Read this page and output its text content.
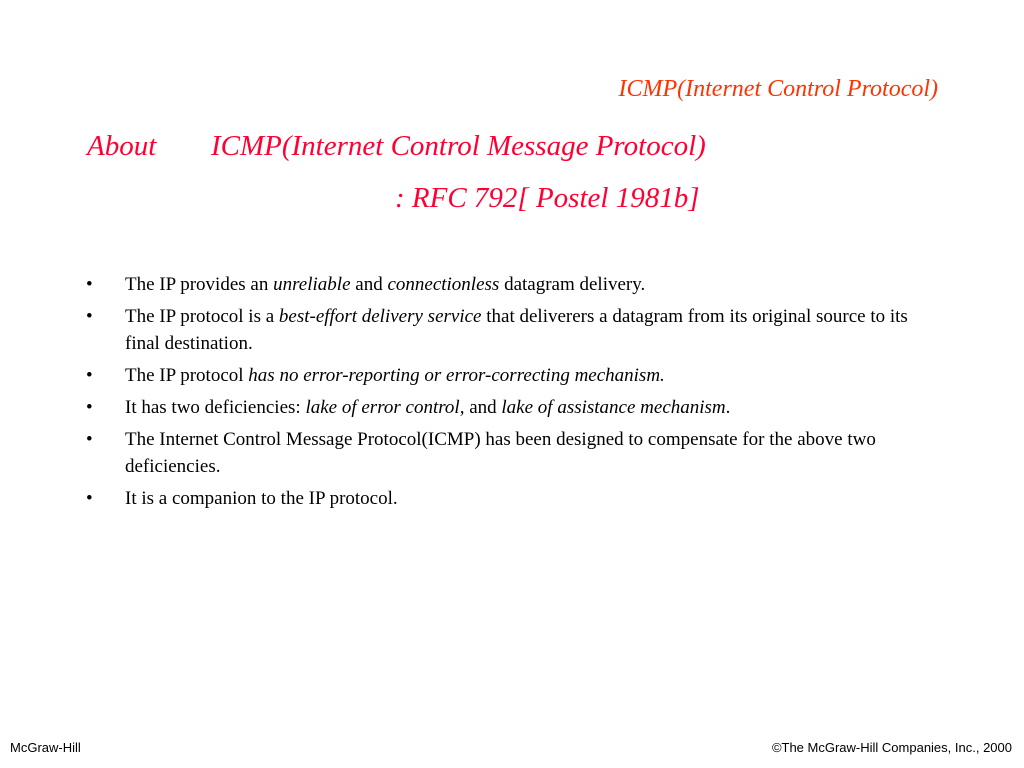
ICMP(Internet Control Protocol)
About ICMP(Internet Control Message Protocol)
: RFC 792[ Postel 1981b]
• The IP provides an unreliable and connectionless datagram delivery.
• The IP protocol is a best-effort delivery service that deliverers a datagram from its original source to its final destination.
• The IP protocol has no error-reporting or error-correcting mechanism.
• It has two deficiencies: lake of error control, and lake of assistance mechanism.
• The Internet Control Message Protocol(ICMP) has been designed to compensate for the above two deficiencies.
• It is a companion to the IP protocol.
McGraw-Hill	©The McGraw-Hill Companies, Inc., 2000
